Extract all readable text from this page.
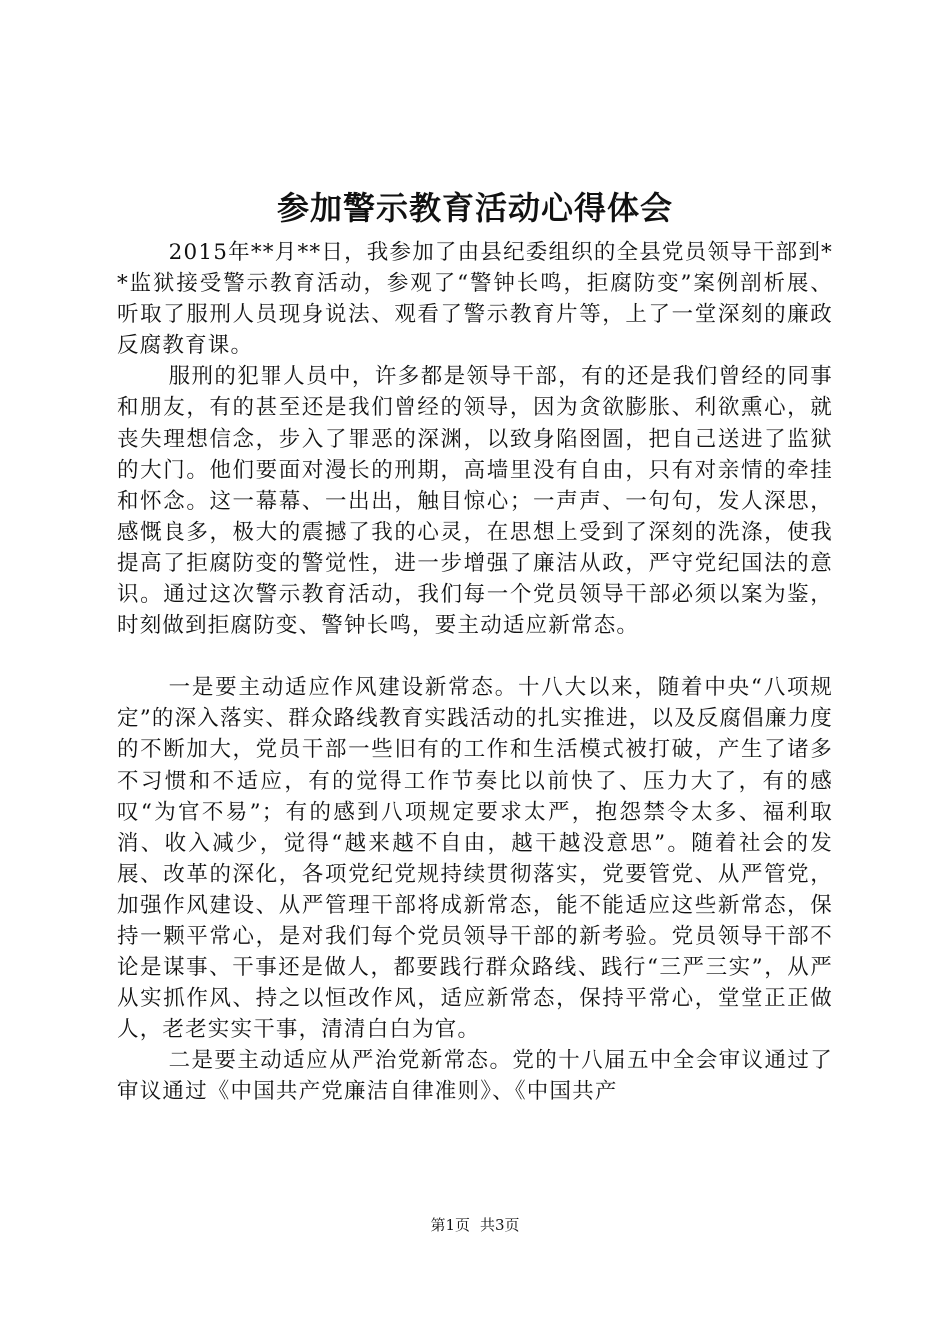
参加警示教育活动心得体会

2015年**月**日，我参加了由县纪委组织的全县党员领导干部到**监狱接受警示教育活动，参观了“警钟长鸣，拒腐防变”案例剖析展、听取了服刑人员现身说法、观看了警示教育片等，上了一堂深刻的廉政反腐教育课。

服刑的犯罪人员中，许多都是领导干部，有的还是我们曾经的同事和朋友，有的甚至还是我们曾经的领导，因为贪欲膨胀、利欲熏心，就丧失理想信念，步入了罪恶的深渊，以致身陷囹圄，把自己送进了监狱的大门。他们要面对漫长的刑期，高墙里没有自由，只有对亲情的牵挂和怀念。这一幕幕、一出出，触目惊心；一声声、一句句，发人深思，感慨良多，极大的震撼了我的心灵，在思想上受到了深刻的洗涤，使我提高了拒腐防变的警觉性，进一步增强了廉洁从政，严守党纪国法的意识。通过这次警示教育活动，我们每一个党员领导干部必须以案为鉴，时刻做到拒腐防变、警钟长鸣，要主动适应新常态。

一是要主动适应作风建设新常态。十八大以来，随着中央“八项规定”的深入落实、群众路线教育实践活动的扎实推进，以及反腐倡廉力度的不断加大，党员干部一些旧有的工作和生活模式被打破，产生了诸多不习惯和不适应，有的觉得工作节奏比以前快了、压力大了，有的感叹“为官不易”；有的感到八项规定要求太严，抱怨禁令太多、福利取消、收入减少，觉得“越来越不自由，越干越没意思”。随着社会的发展、改革的深化，各项党纪党规持续贯彻落实，党要管党、从严管党，加强作风建设、从严管理干部将成新常态，能不能适应这些新常态，保持一颗平常心，是对我们每个党员领导干部的新考验。党员领导干部不论是谋事、干事还是做人，都要践行群众路线、践行“三严三实”，从严从实抓作风、持之以恒改作风，适应新常态，保持平常心，堂堂正正做人，老老实实干事，清清白白为官。

二是要主动适应从严治党新常态。党的十八届五中全会审议通过了审议通过《中国共产党廉洁自律准则》、《中国共产

第1页 共3页
